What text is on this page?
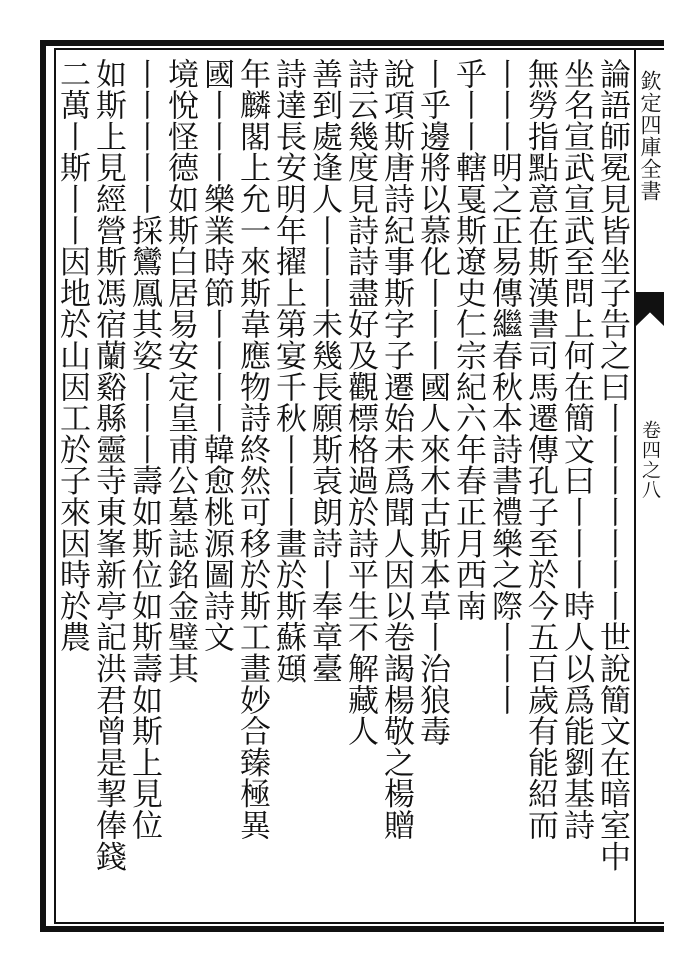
欽定四庫全書
卷四之八
論語師冕見皆坐子告之曰丨丨丨丨丨丨丨世說簡文在暗室中
坐名宣武宣武至問上何在簡文曰丨丨丨時人以爲能劉基詩
無勞指點意在斯漢書司馬遷傳孔子至於今五百歲有能紹而
丨丨丨明之正易傳繼春秋本詩書禮樂之際丨丨丨
乎丨丨轄戛斯遼史仁宗紀六年春正月西南
丨乎邊將以慕化丨丨丨國人來木古斯本草丨治狼毒
說項斯唐詩紀事斯字子遷始未爲聞人因以卷謁楊敬之楊贈
詩云幾度見詩詩盡好及觀標格過於詩平生不解藏人
善到處逢人丨丨丨未幾長願斯袁朗詩丨奉章臺
詩達長安明年擢上第宴千秋丨丨丨畫於斯蘇頲
年麟閣上允一來斯韋應物詩終然可移於斯工畫妙合臻極異
國丨丨丨樂業時節丨丨丨丨韓愈桃源圖詩文
境悅怪德如斯白居易安定皇甫公墓誌銘金璧其
丨丨丨丨丨採鸞鳳其姿丨丨丨壽如斯位如斯壽如斯上見位
如斯上見經營斯馮宿蘭谿縣靈寺東峯新亭記洪君曾是挈俸錢
二萬丨斯丨丨因地於山因工於子來因時於農
